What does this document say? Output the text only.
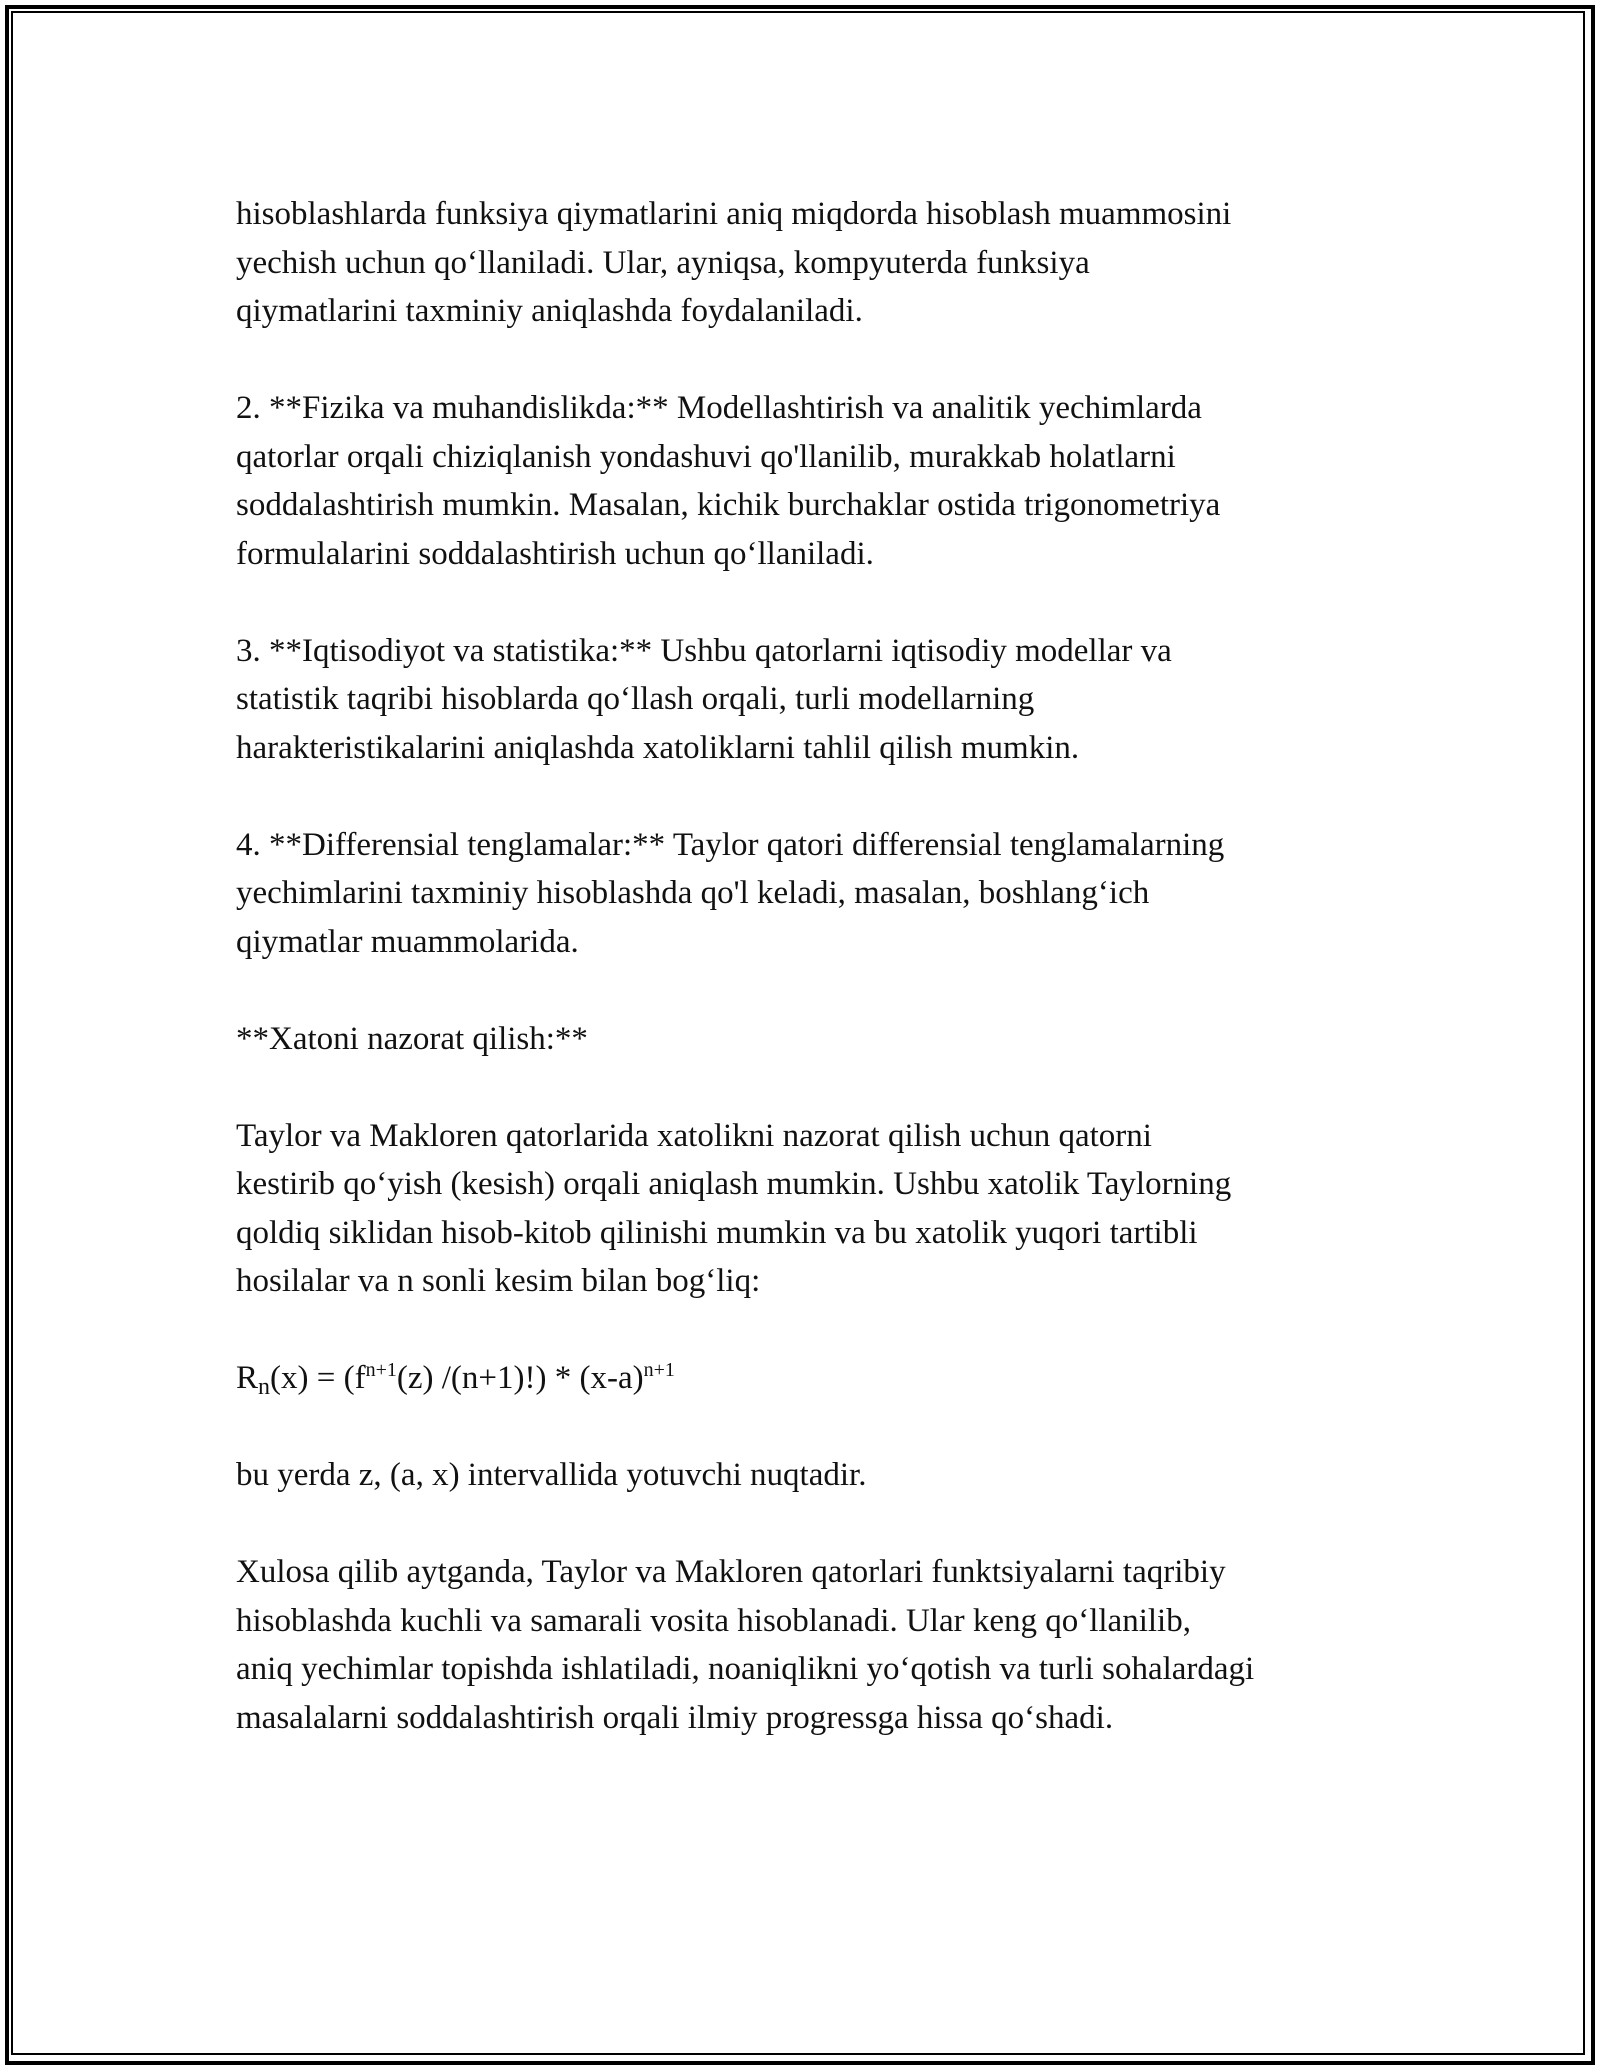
hisoblashlarda funksiya qiymatlarini aniq miqdorda hisoblash muammosini
yechish uchun qo‘llaniladi. Ular, ayniqsa, kompyuterda funksiya
qiymatlarini taxminiy aniqlashda foydalaniladi.

2. **Fizika va muhandislikda:** Modellashtirish va analitik yechimlarda
qatorlar orqali chiziqlanish yondashuvi qo'llanilib, murakkab holatlarni
soddalashtirish mumkin. Masalan, kichik burchaklar ostida trigonometriya
formulalarini soddalashtirish uchun qo‘llaniladi.

3. **Iqtisodiyot va statistika:** Ushbu qatorlarni iqtisodiy modellar va
statistik taqribi hisoblarda qo‘llash orqali, turli modellarning
harakteristikalarini aniqlashda xatoliklarni tahlil qilish mumkin.

4. **Differensial tenglamalar:** Taylor qatori differensial tenglamalarning
yechimlarini taxminiy hisoblashda qo'l keladi, masalan, boshlang‘ich
qiymatlar muammolarida.

**Xatoni nazorat qilish:**

Taylor va Makloren qatorlarida xatolikni nazorat qilish uchun qatorni
kestirib qo‘yish (kesish) orqali aniqlash mumkin. Ushbu xatolik Taylorning
qoldiq siklidan hisob-kitob qilinishi mumkin va bu xatolik yuqori tartibli
hosilalar va n sonli kesim bilan bog‘liq:

$R_n(x) = (f^{n+1}(z)$ $/(n+1)!) * (x-a)^{n+1}$

bu yerda z, (a, x) intervallida yotuvchi nuqtadir.

Xulosa qilib aytganda, Taylor va Makloren qatorlari funktsiyalarni taqribiy
hisoblashda kuchli va samarali vosita hisoblanadi. Ular keng qo‘llanilib,
aniq yechimlar topishda ishlatiladi, noaniqlikni yo‘qotish va turli sohalardagi
masalalarni soddalashtirish orqali ilmiy progressga hissa qo‘shadi.
